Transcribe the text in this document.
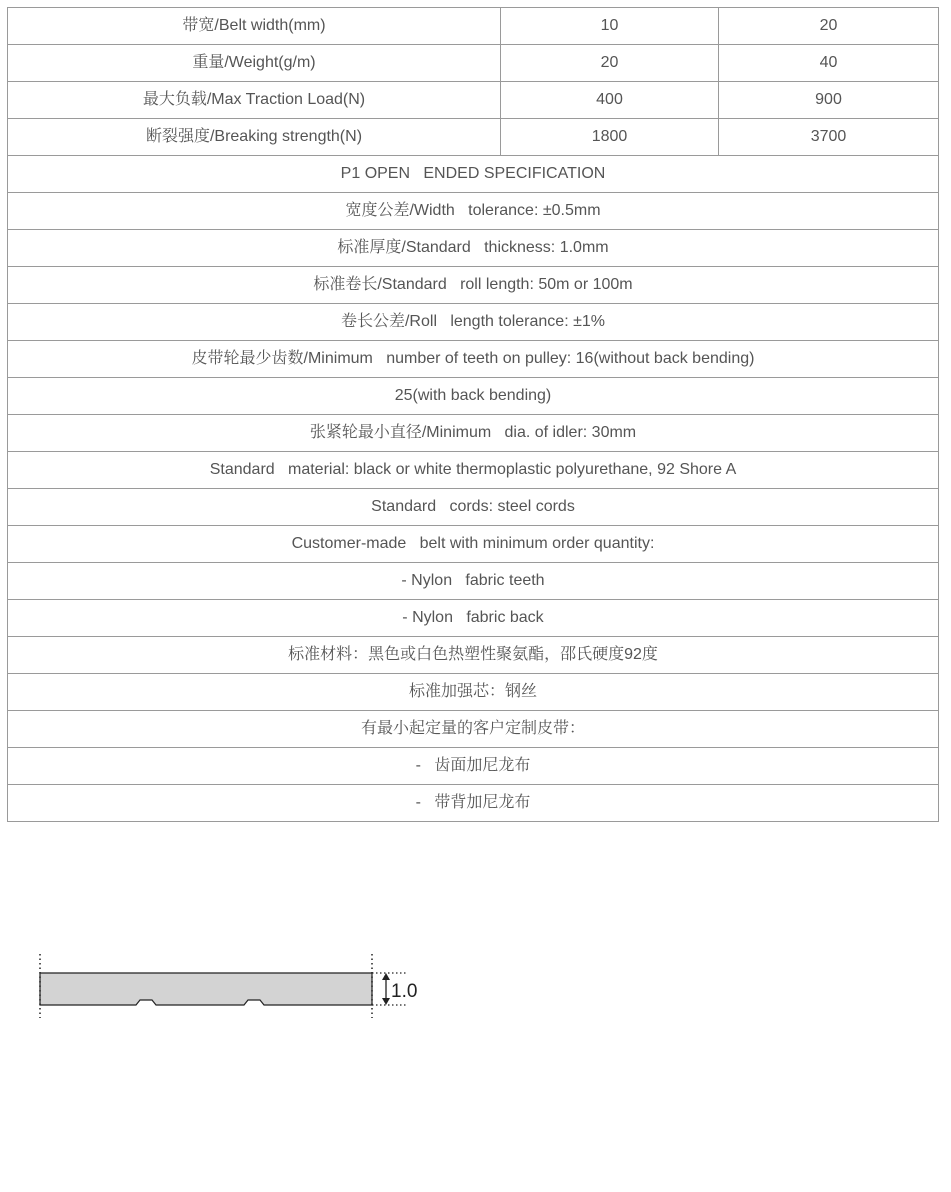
带宽/Belt width(mm)	10	20
重量/Weight(g/m)	20	40
最大负载/Max Traction Load(N)	400	900
断裂强度/Breaking strength(N)	1800	3700
P1 OPEN   ENDED SPECIFICATION		
宽度公差/Width   tolerance: ±0.5mm		
标准厚度/Standard   thickness: 1.0mm		
标准卷长/Standard   roll length: 50m or 100m		
卷长公差/Roll   length tolerance: ±1%		
皮带轮最少齿数/Minimum   number of teeth on pulley: 16(without back bending)		
25(with back bending)		
张紧轮最小直径/Minimum   dia. of idler: 30mm		
Standard   material: black or white thermoplastic polyurethane, 92 Shore A		
Standard   cords: steel cords		
Customer-made   belt with minimum order quantity:		
- Nylon   fabric teeth		
- Nylon   fabric back		
标准材料：黑色或白色热塑性聚氨酯，邵氏硬度92度		
标准加强芯：钢丝		
有最小起定量的客户定制皮带：		
-   齿面加尼龙布		
-   带背加尼龙布		
1.0
